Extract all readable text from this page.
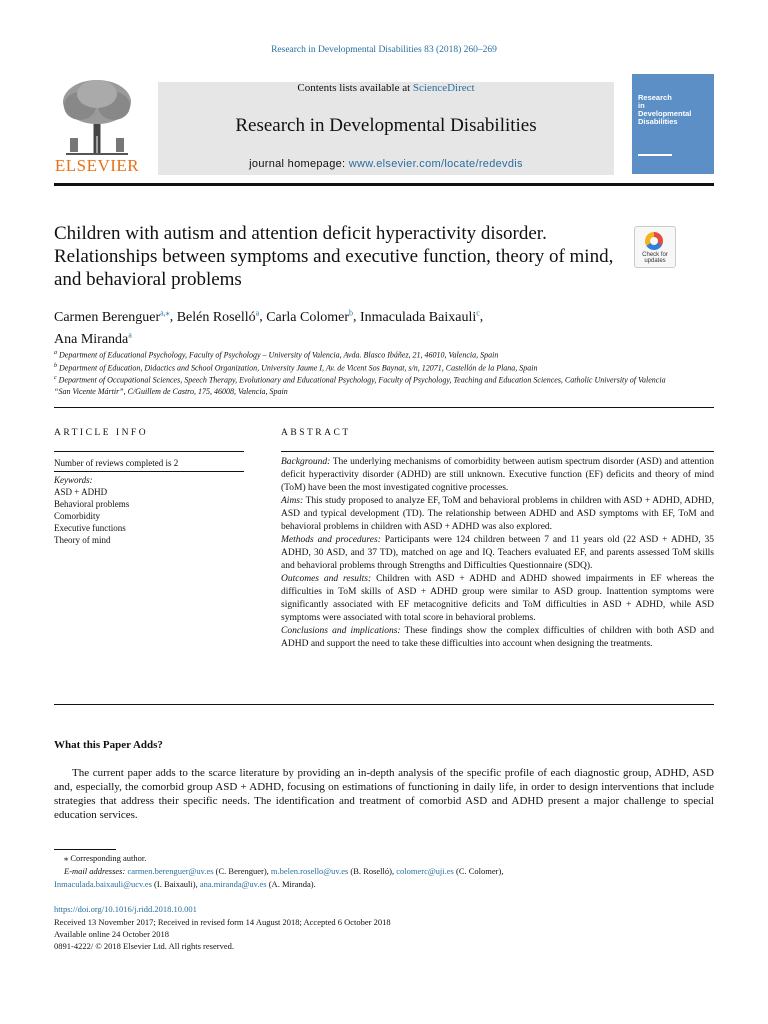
Research in Developmental Disabilities 83 (2018) 260–269
ELSEVIER
Contents lists available at ScienceDirect
Research in Developmental Disabilities
journal homepage: www.elsevier.com/locate/redevdis
Research
in
Developmental
Disabilities
Children with autism and attention deficit hyperactivity disorder. Relationships between symptoms and executive function, theory of mind, and behavioral problems
Check for updates
Carmen Berenguer$^{a,⁎}$, Belén Roselló$^a$, Carla Colomer$^b$, Inmaculada Baixauli$^c$,
Ana Miranda$^a$
$^a$ Department of Educational Psychology, Faculty of Psychology – University of Valencia, Avda. Blasco Ibáñez, 21, 46010, Valencia, Spain
$^b$ Department of Education, Didactics and School Organization, University Jaume I, Av. de Vicent Sos Baynat, s/n, 12071, Castellón de la Plana, Spain
$^c$ Department of Occupational Sciences, Speech Therapy, Evolutionary and Educational Psychology, Faculty of Psychology, Teaching and Education Sciences, Catholic University of Valencia “San Vicente Mártir”, C/Guillem de Castro, 175, 46008, Valencia, Spain
ARTICLE INFO
Number of reviews completed is 2
Keywords:
ASD + ADHD
Behavioral problems
Comorbidity
Executive functions
Theory of mind
ABSTRACT
Background: The underlying mechanisms of comorbidity between autism spectrum disorder (ASD) and attention deficit hyperactivity disorder (ADHD) are still unknown. Executive function (EF) deficits and theory of mind (ToM) have been the most investigated cognitive processes.
Aims: This study proposed to analyze EF, ToM and behavioral problems in children with ASD + ADHD, ADHD, ASD and typical development (TD). The relationship between ADHD and ASD symptoms with EF, ToM and behavioral problems in children with ASD + ADHD was also explored.
Methods and procedures: Participants were 124 children between 7 and 11 years old (22 ASD + ADHD, 35 ADHD, 30 ASD, and 37 TD), matched on age and IQ. Teachers evaluated EF, and parents assessed ToM skills and behavioral problems through Strengths and Difficulties Questionnaire (SDQ).
Outcomes and results: Children with ASD + ADHD and ADHD showed impairments in EF whereas the difficulties in ToM skills of ASD + ADHD group were similar to ASD group. Inattention symptoms were significantly associated with EF metacognitive deficits and ToM difficulties in ASD + ADHD, while ASD symptoms were associated with total score in behavioral problems.
Conclusions and implications: These findings show the complex difficulties of children with both ASD and ADHD and support the need to take these difficulties into account when designing the treatments.
What this Paper Adds?
The current paper adds to the scarce literature by providing an in-depth analysis of the specific profile of each diagnostic group, ADHD, ASD and, especially, the comorbid group ASD + ADHD, focusing on estimations of functioning in daily life, in order to design interventions that include strategies that address their specific needs. The identification and treatment of comorbid ASD and ADHD present a major challenge to special education services.
⁎ Corresponding author.
E-mail addresses: carmen.berenguer@uv.es (C. Berenguer), m.belen.rosello@uv.es (B. Roselló), colomerc@uji.es (C. Colomer),
Inmaculada.baixauli@ucv.es (I. Baixauli), ana.miranda@uv.es (A. Miranda).
https://doi.org/10.1016/j.ridd.2018.10.001
Received 13 November 2017; Received in revised form 14 August 2018; Accepted 6 October 2018
Available online 24 October 2018
0891-4222/ © 2018 Elsevier Ltd. All rights reserved.
